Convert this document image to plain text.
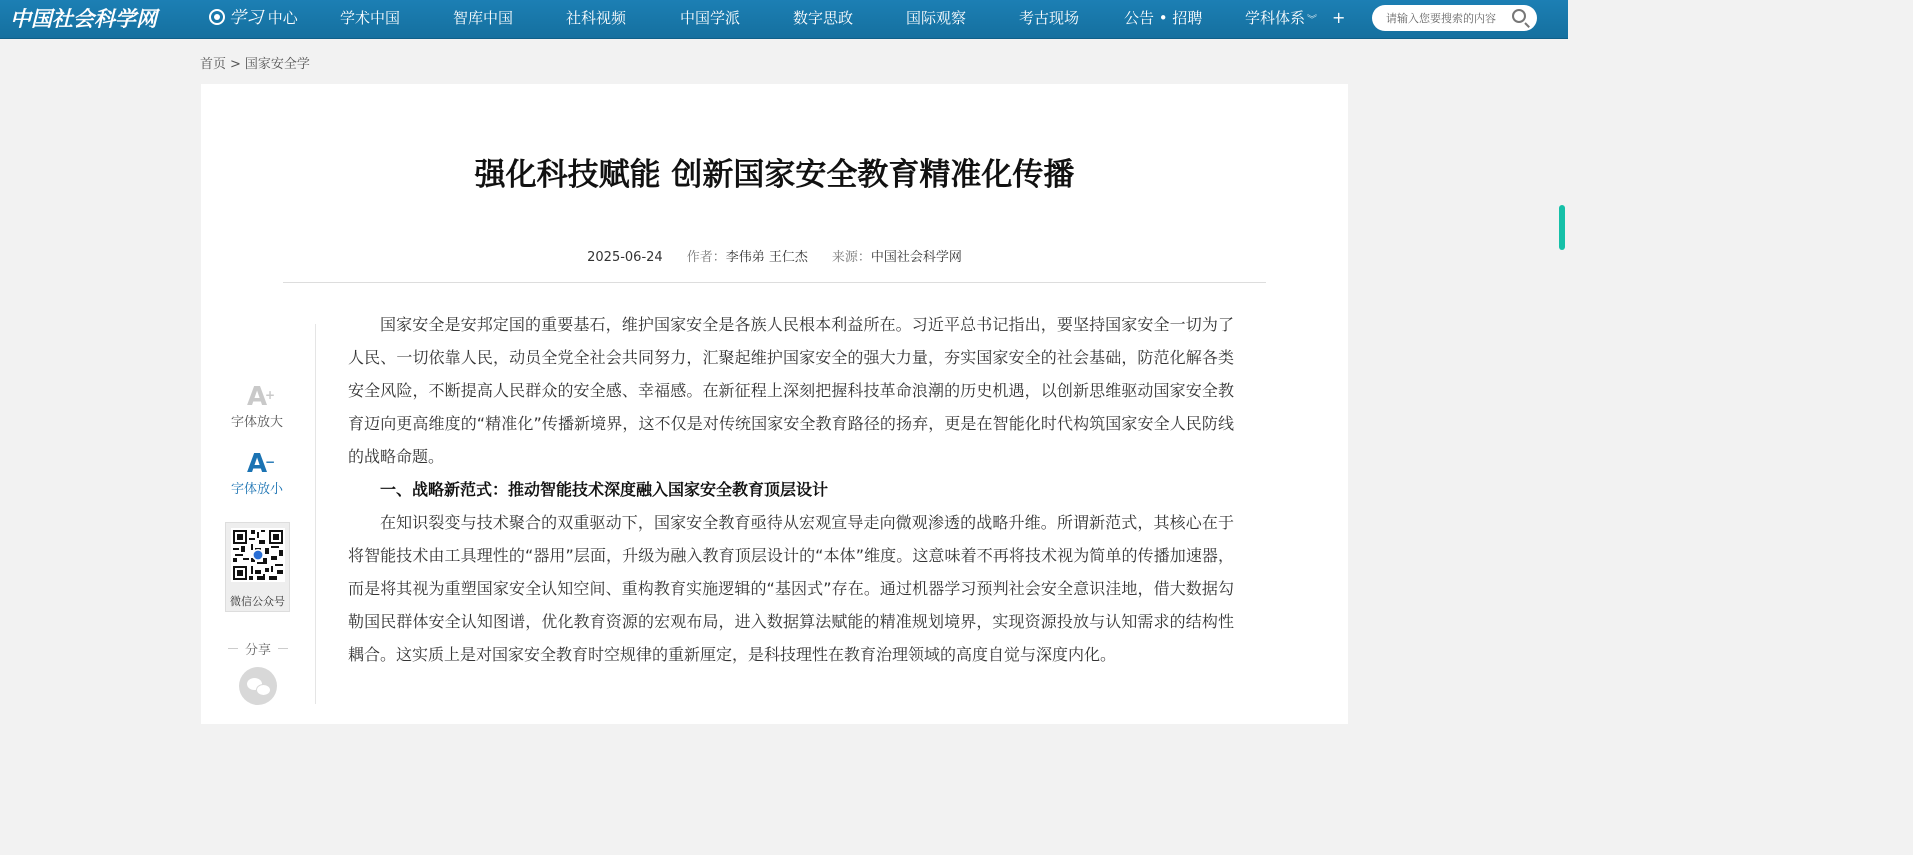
中国社会科学网	学习 中心	学术中国	智库中国	社科视频	中国学派	数字思政	国际观察	考古现场	公告 • 招聘	学科体系 ︾ +
请输入您要搜索的内容
首页 > 国家安全学
强化科技赋能 创新国家安全教育精准化传播
2025-06-24 作者：李伟弟 王仁杰 来源：中国社会科学网
A
+
字体放大
A
−
字体放小
微信公众号
分享

国家安全是安邦定国的重要基石，维护国家安全是各族人民根本利益所在。习近平总书记指出，要坚持国家安全一切为了人民、一切依靠人民，动员全党全社会共同努力，汇聚起维护国家安全的强大力量，夯实国家安全的社会基础，防范化解各类安全风险，不断提高人民群众的安全感、幸福感。在新征程上深刻把握科技革命浪潮的历史机遇，以创新思维驱动国家安全教育迈向更高维度的“精准化”传播新境界，这不仅是对传统国家安全教育路径的扬弃，更是在智能化时代构筑国家安全人民防线的战略命题。

一、战略新范式：推动智能技术深度融入国家安全教育顶层设计

在知识裂变与技术聚合的双重驱动下，国家安全教育亟待从宏观宣导走向微观渗透的战略升维。所谓新范式，其核心在于将智能技术由工具理性的“器用”层面，升级为融入教育顶层设计的“本体”维度。这意味着不再将技术视为简单的传播加速器，而是将其视为重塑国家安全认知空间、重构教育实施逻辑的“基因式”存在。通过机器学习预判社会安全意识洼地，借大数据勾勒国民群体安全认知图谱，优化教育资源的宏观布局，进入数据算法赋能的精准规划境界，实现资源投放与认知需求的结构性耦合。这实质上是对国家安全教育时空规律的重新厘定，是科技理性在教育治理领域的高度自觉与深度内化。
